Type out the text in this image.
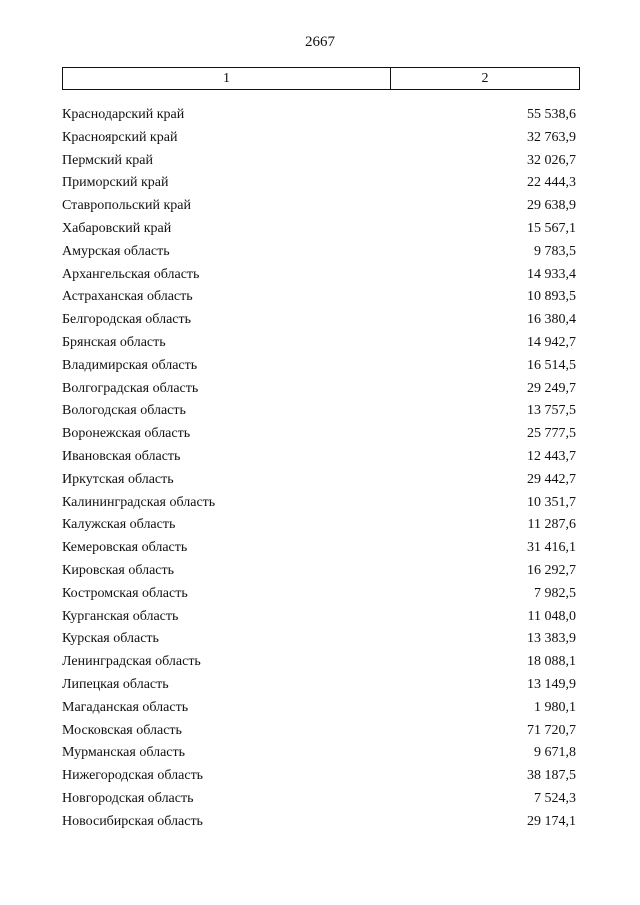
2667
1	2
Краснодарский край	55 538,6
Красноярский край	32 763,9
Пермский край	32 026,7
Приморский край	22 444,3
Ставропольский край	29 638,9
Хабаровский край	15 567,1
Амурская область	9 783,5
Архангельская область	14 933,4
Астраханская область	10 893,5
Белгородская область	16 380,4
Брянская область	14 942,7
Владимирская область	16 514,5
Волгоградская область	29 249,7
Вологодская область	13 757,5
Воронежская область	25 777,5
Ивановская область	12 443,7
Иркутская область	29 442,7
Калининградская область	10 351,7
Калужская область	11 287,6
Кемеровская область	31 416,1
Кировская область	16 292,7
Костромская область	7 982,5
Курганская область	11 048,0
Курская область	13 383,9
Ленинградская область	18 088,1
Липецкая область	13 149,9
Магаданская область	1 980,1
Московская область	71 720,7
Мурманская область	9 671,8
Нижегородская область	38 187,5
Новгородская область	7 524,3
Новосибирская область	29 174,1
